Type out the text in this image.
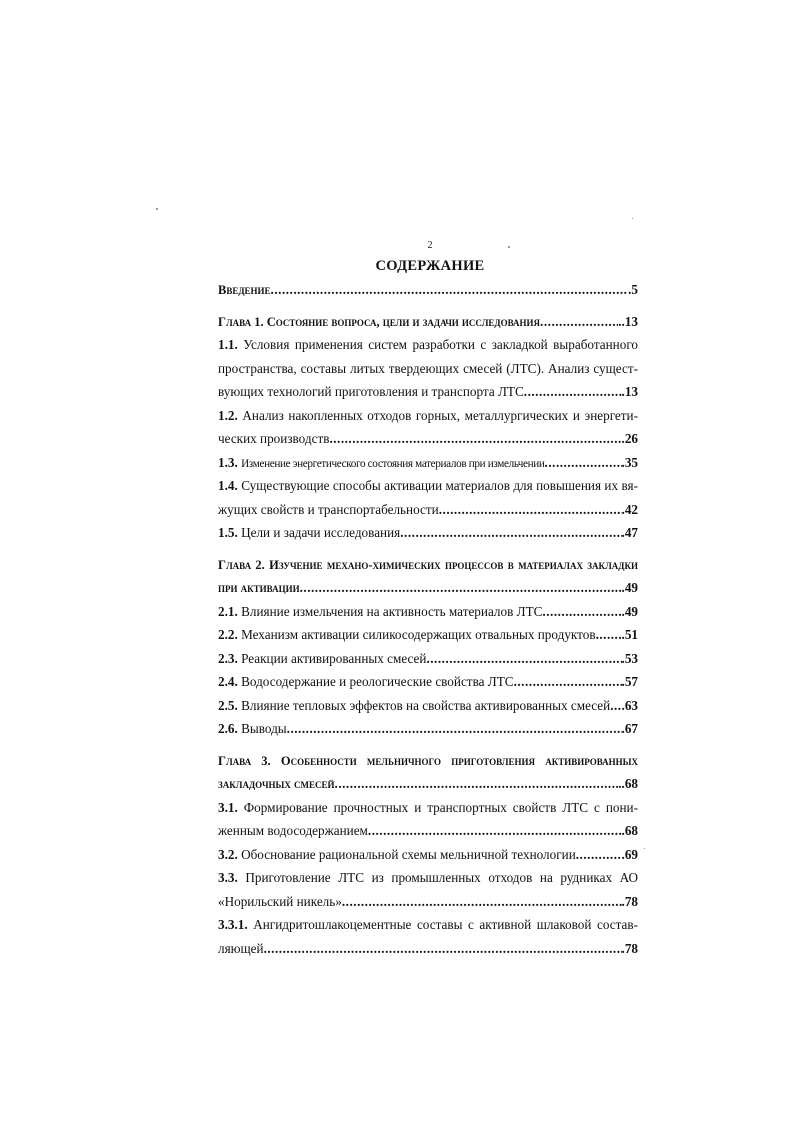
2
СОДЕРЖАНИЕ
Введение .....	.5
Глава 1. Состояние вопроса, цели и задачи исследования .....	..13
1.1. Условия применения систем разработки с закладкой выработанного
пространства, составы литых твердеющих смесей (ЛТС). Анализ сущест-
вующих технологий приготовления и транспорта ЛТС .....	.13
1.2. Анализ накопленных отходов горных, металлургических и энергети-
ческих производств .....	.26
1.3. Изменение энергетического состояния материалов при измельчении .....	.35
1.4. Существующие способы активации материалов для повышения их вя-
жущих свойств и транспортабельности .....	.42
1.5. Цели и задачи исследования .....	.47
Глава 2. Изучение механо-химических процессов в материалах закладки
при активации .....	.49
2.1. Влияние измельчения на активность материалов ЛТС .....	.49
2.2. Механизм активации силикосодержащих отвальных продуктов ..... .51
2.3. Реакции активированных смесей .....	.53
2.4. Водосодержание и реологические свойства ЛТС .....	.57
2.5. Влияние тепловых эффектов на свойства активированных смесей ..... .63
2.6. Выводы .....	.67
Глава 3. Особенности мельничного приготовления активированных
закладочных смесей .....	..68
3.1. Формирование прочностных и транспортных свойств ЛТС с пони-
женным водосодержанием .....	.68
3.2. Обоснование рациональной схемы мельничной технологии .....	.69
3.3. Приготовление ЛТС из промышленных отходов на рудниках АО
«Норильский никель» .....	.78
3.3.1. Ангидритошлакоцементные составы с активной шлаковой состав-
ляющей .....	.78
